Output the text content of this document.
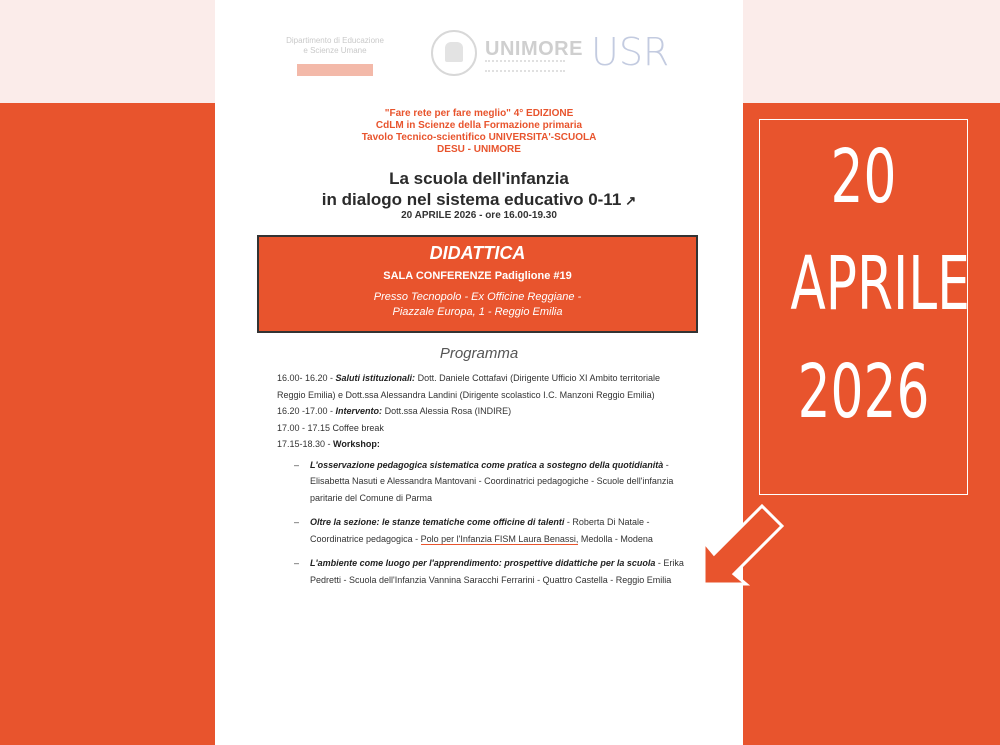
Dipartimento di Educazione
e Scienze Umane	UNIMORE USR
"Fare rete per fare meglio" 4° EDIZIONE
CdLM in Scienze della Formazione primaria
Tavolo Tecnico-scientifico UNIVERSITA'-SCUOLA
DESU - UNIMORE
La scuola dell'infanzia
in dialogo nel sistema educativo 0-11 ↗
20 APRILE 2026 - ore 16.00-19.30
DIDATTICA
SALA CONFERENZE Padiglione #19
Presso Tecnopolo - Ex Officine Reggiane -
Piazzale Europa, 1 - Reggio Emilia
Programma
16.00- 16.20 - Saluti istituzionali: Dott. Daniele Cottafavi (Dirigente Ufficio XI Ambito territoriale Reggio Emilia) e Dott.ssa Alessandra Landini (Dirigente scolastico I.C. Manzoni Reggio Emilia)
16.20 -17.00 - Intervento: Dott.ssa Alessia Rosa (INDIRE)
17.00 - 17.15 Coffee break
17.15-18.30 - Workshop:
– L'osservazione pedagogica sistematica come pratica a sostegno della quotidianità - Elisabetta Nasuti e Alessandra Mantovani - Coordinatrici pedagogiche - Scuole dell'infanzia paritarie del Comune di Parma
– Oltre la sezione: le stanze tematiche come officine di talenti - Roberta Di Natale - Coordinatrice pedagogica - Polo per l'Infanzia FISM Laura Benassi, Medolla - Modena
– L'ambiente come luogo per l'apprendimento: prospettive didattiche per la scuola - Erika Pedretti - Scuola dell'Infanzia Vannina Saracchi Ferrarini - Quattro Castella - Reggio Emilia
20
APRILE
2026
